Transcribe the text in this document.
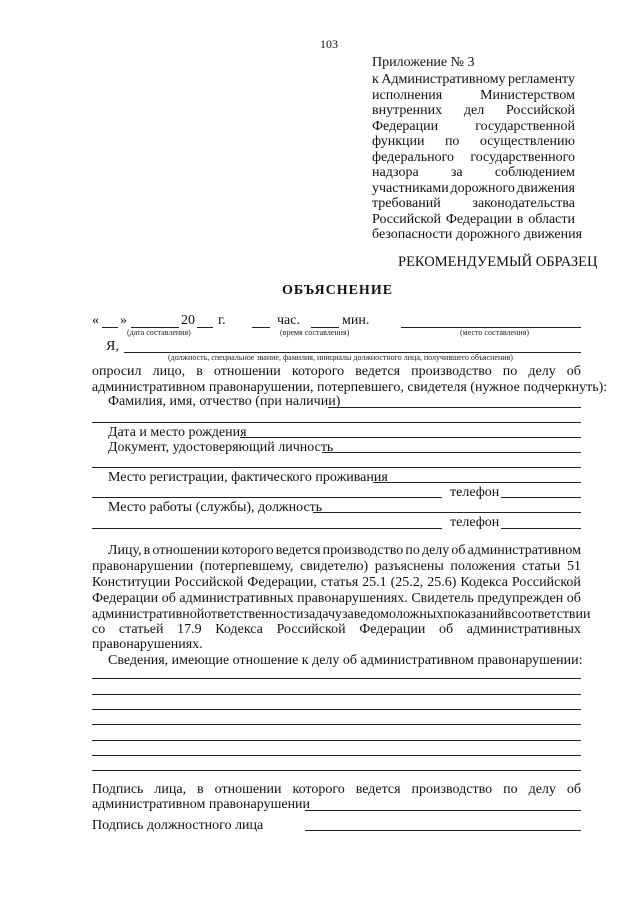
103
Приложение № 3
к Административному регламенту
исполнения	Министерством
внутренних дел Российской
Федерации	государственной
функции по осуществлению
федерального государственного
надзора за соблюдением
участниками дорожного движения
требований законодательства
Российской Федерации в области
безопасности дорожного движения
РЕКОМЕНДУЕМЫЙ ОБРАЗЕЦ
ОБЪЯСНЕНИЕ
« »	20 г.	час.	мин.
(дата составления)	(время составления)	(место составления)
Я,
(должность, специальное звание, фамилия, инициалы должностного лица, получившего объяснения)
опросил лицо, в отношении которого ведется производство по делу об
административном правонарушении, потерпевшего, свидетеля (нужное подчеркнуть):
Фамилия, имя, отчество (при наличии)
Дата и место рождения
Документ, удостоверяющий личность
Место регистрации, фактического проживания
телефон
Место работы (службы), должность
телефон
Лицу, в отношении которого ведется производство по делу об административном
правонарушении (потерпевшему, свидетелю) разъяснены положения статьи 51
Конституции Российской Федерации, статья 25.1 (25.2, 25.6) Кодекса Российской
Федерации об административных правонарушениях. Свидетель предупрежден об
административной ответственности за дачу заведомо ложных показаний в соответствии
со статьей 17.9 Кодекса Российской Федерации об административных
правонарушениях.
Сведения, имеющие отношение к делу об административном правонарушении:
Подпись лица, в отношении которого ведется производство по делу об
административном правонарушении
Подпись должностного лица
